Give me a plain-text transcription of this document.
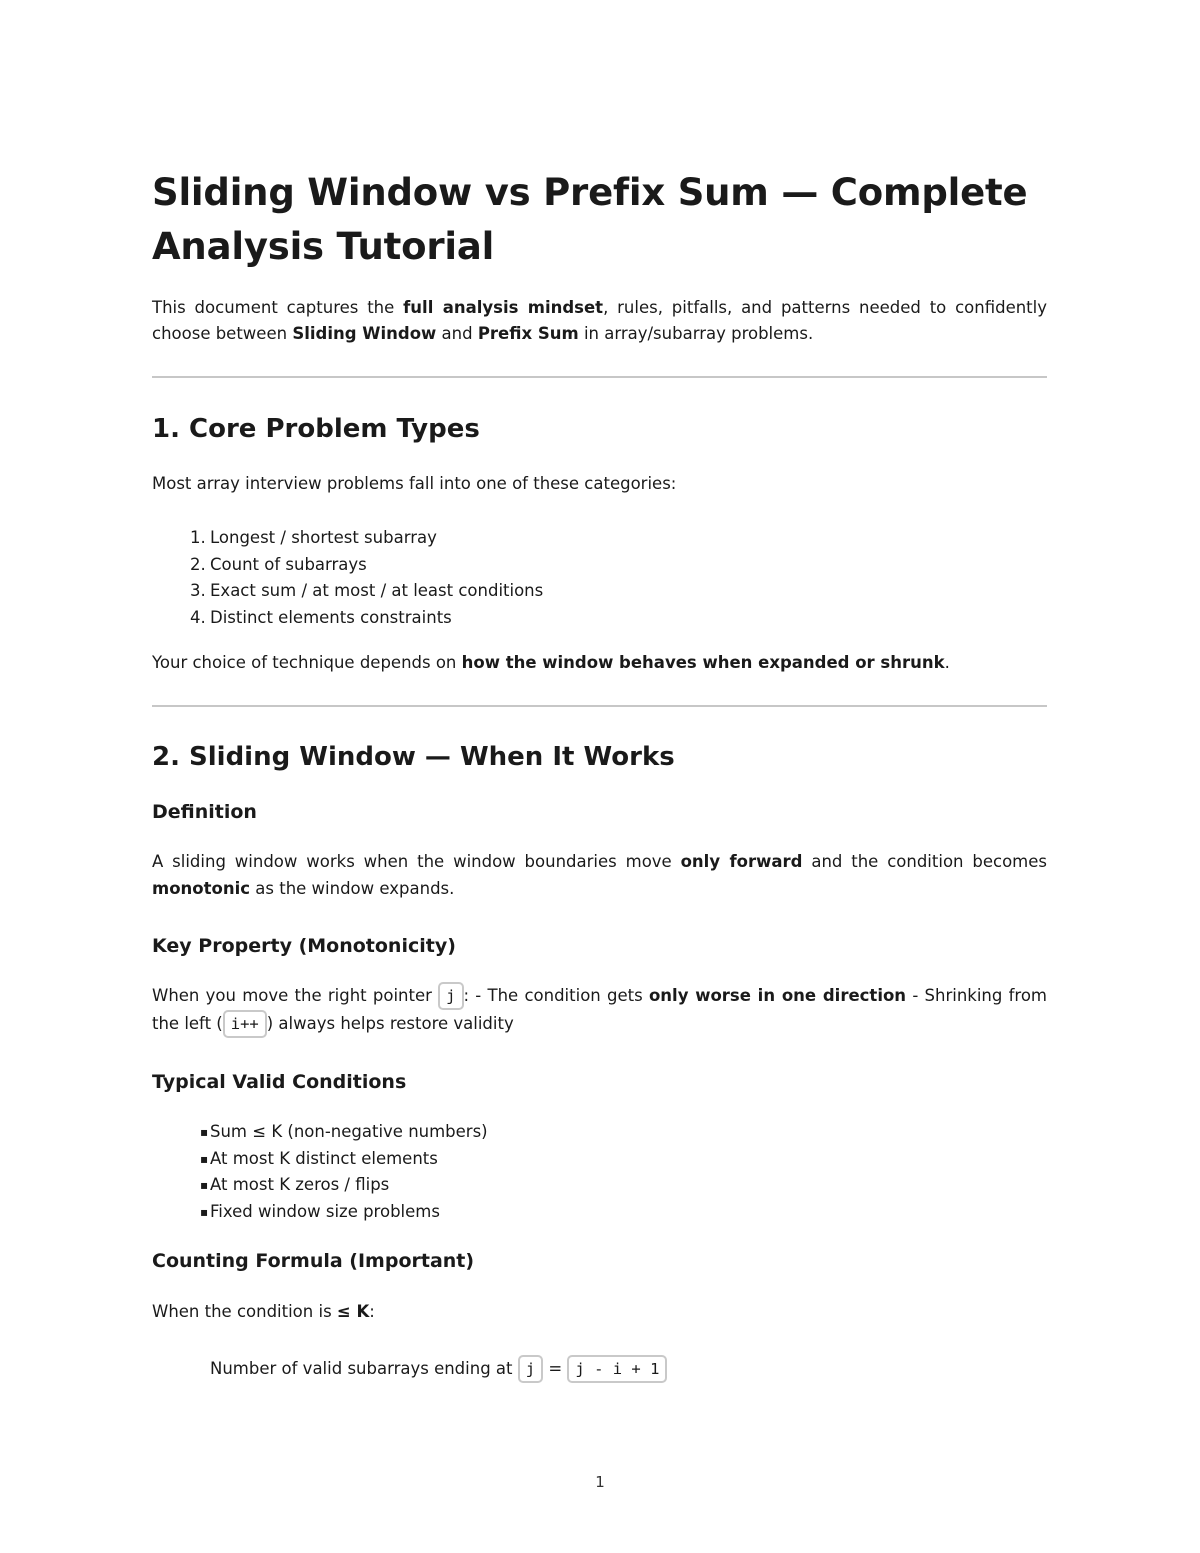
Sliding Window vs Prefix Sum — Complete Analysis Tutorial

This document captures the full analysis mindset, rules, pitfalls, and patterns needed to confidently choose between Sliding Window and Prefix Sum in array/subarray problems.

1. Core Problem Types

Most array interview problems fall into one of these categories:

1. Longest / shortest subarray
2. Count of subarrays
3. Exact sum / at most / at least conditions
4. Distinct elements constraints

Your choice of technique depends on how the window behaves when expanded or shrunk.

2. Sliding Window — When It Works
Definition

A sliding window works when the window boundaries move only forward and the condition becomes monotonic as the window expands.

Key Property (Monotonicity)

When you move the right pointer j : - The condition gets only worse in one direction - Shrinking from the left ( i++ ) always helps restore validity

Typical Valid Conditions
▪ Sum ≤ K (non-negative numbers)
▪ At most K distinct elements
▪ At most K zeros / flips
▪ Fixed window size problems
Counting Formula (Important)

When the condition is ≤ K:

Number of valid subarrays ending at j = j - i + 1
1
